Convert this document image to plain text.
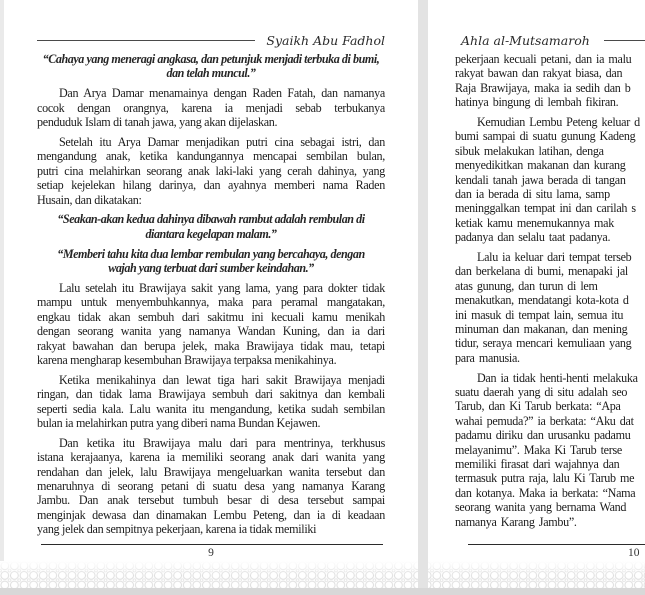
Syaikh Abu Fadhol
“Cahaya yang meneragi angkasa, dan petunjuk menjadi terbuka di bumi,
dan telah muncul.”
Dan Arya Damar menamainya dengan Raden Fatah, dan namanya
cocok dengan orangnya, karena ia menjadi sebab terbukanya
penduduk Islam di tanah jawa, yang akan dijelaskan.
Setelah itu Arya Damar menjadikan putri cina sebagai istri, dan
mengandung anak, ketika kandungannya mencapai sembilan bulan,
putri cina melahirkan seorang anak laki-laki yang cerah dahinya, yang
setiap kejelekan hilang darinya, dan ayahnya memberi nama Raden
Husain, dan dikatakan:
“Seakan-akan kedua dahinya dibawah rambut adalah rembulan di
diantara kegelapan malam.”
“Memberi tahu kita dua lembar rembulan yang bercahaya, dengan
wajah yang terbuat dari sumber keindahan.”
Lalu setelah itu Brawijaya sakit yang lama, yang para dokter tidak
mampu untuk menyembuhkannya, maka para peramal mangatakan,
engkau tidak akan sembuh dari sakitmu ini kecuali kamu menikah
dengan seorang wanita yang namanya Wandan Kuning, dan ia dari
rakyat bawahan dan berupa jelek, maka Brawijaya tidak mau, tetapi
karena mengharap kesembuhan Brawijaya terpaksa menikahinya.
Ketika menikahinya dan lewat tiga hari sakit Brawijaya menjadi
ringan, dan tidak lama Brawijaya sembuh dari sakitnya dan kembali
seperti sedia kala. Lalu wanita itu mengandung, ketika sudah sembilan
bulan ia melahirkan putra yang diberi nama Bundan Kejawen.
Dan ketika itu Brawijaya malu dari para mentrinya, terkhusus
istana kerajaanya, karena ia memiliki seorang anak dari wanita yang
rendahan dan jelek, lalu Brawijaya mengeluarkan wanita tersebut dan
menaruhnya di seorang petani di suatu desa yang namanya Karang
Jambu. Dan anak tersebut tumbuh besar di desa tersebut sampai
menginjak dewasa dan dinamakan Lembu Peteng, dan ia di keadaan
yang jelek dan sempitnya pekerjaan, karena ia tidak memiliki
9
Ahla al-Mutsamaroh
pekerjaan kecuali petani, dan ia malu
rakyat bawan dan rakyat biasa, dan
Raja Brawijaya, maka ia sedih dan b
hatinya bingung di lembah fikiran.
Kemudian Lembu Peteng keluar d
bumi sampai di suatu gunung Kadeng
sibuk melakukan latihan, denga
menyedikitkan makanan dan kurang
kendali tanah jawa berada di tangan
dan ia berada di situ lama, samp
meninggalkan tempat ini dan carilah s
ketiak kamu menemukannya mak
padanya dan selalu taat padanya.
Lalu ia keluar dari tempat terseb
dan berkelana di bumi, menapaki jal
atas gunung, dan turun di lem
menakutkan, mendatangi kota-kota d
ini masuk di tempat lain, semua itu
minuman dan makanan, dan mening
tidur, seraya mencari kemuliaan yang
para manusia.
Dan ia tidak henti-henti melakuka
suatu daerah yang di situ adalah seo
Tarub, dan Ki Tarub berkata: “Apa
wahai pemuda?” ia berkata: “Aku dat
padamu diriku dan urusanku padamu
melayanimu”. Maka Ki Tarub terse
memiliki firasat dari wajahnya dan
termasuk putra raja, lalu Ki Tarub me
dan kotanya. Maka ia berkata: “Nama
seorang wanita yang bernama Wand
namanya Karang Jambu”.
10
